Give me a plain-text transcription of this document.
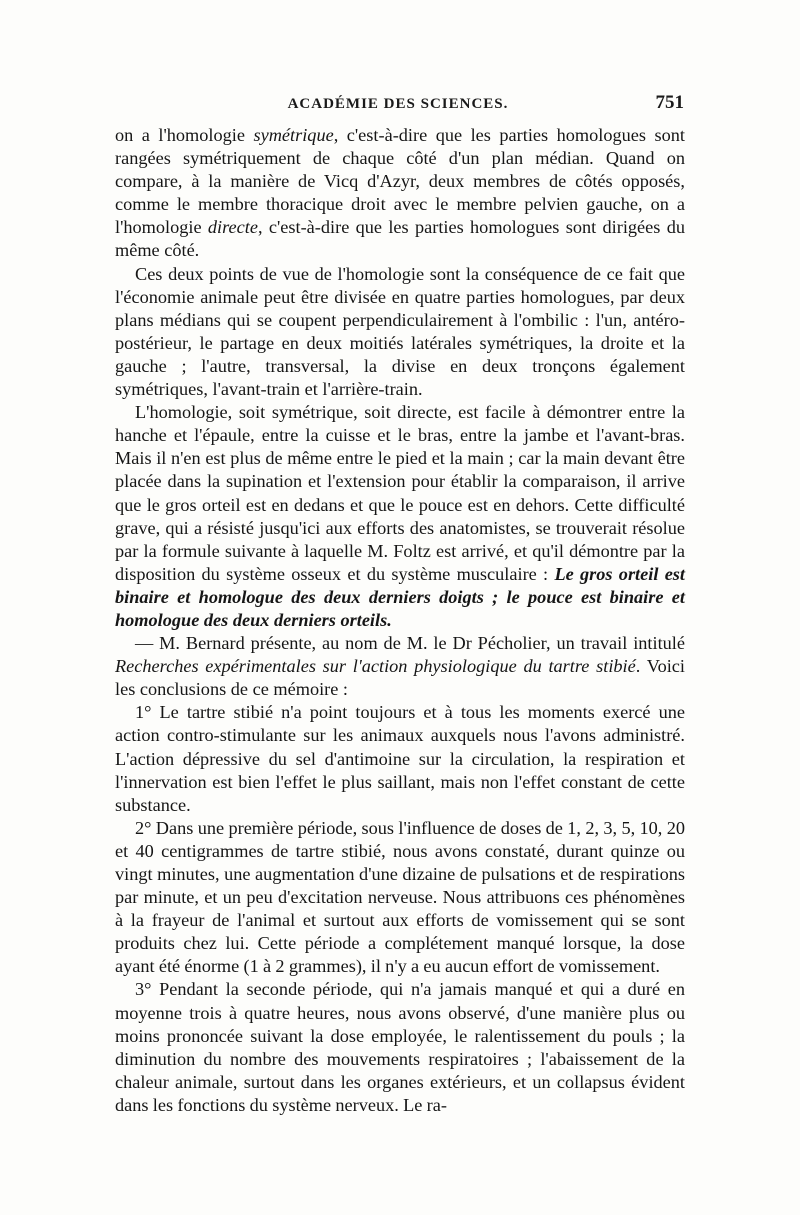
ACADÉMIE DES SCIENCES.	751

on a l'homologie symétrique, c'est-à-dire que les parties homologues sont rangées symétriquement de chaque côté d'un plan médian. Quand on compare, à la manière de Vicq d'Azyr, deux membres de côtés opposés, comme le membre thoracique droit avec le membre pelvien gauche, on a l'homologie directe, c'est-à-dire que les parties homologues sont dirigées du même côté.

Ces deux points de vue de l'homologie sont la conséquence de ce fait que l'économie animale peut être divisée en quatre parties homologues, par deux plans médians qui se coupent perpendiculairement à l'ombilic : l'un, antéro-postérieur, le partage en deux moitiés latérales symétriques, la droite et la gauche ; l'autre, transversal, la divise en deux tronçons également symétriques, l'avant-train et l'arrière-train.

L'homologie, soit symétrique, soit directe, est facile à démontrer entre la hanche et l'épaule, entre la cuisse et le bras, entre la jambe et l'avant-bras. Mais il n'en est plus de même entre le pied et la main ; car la main devant être placée dans la supination et l'extension pour établir la comparaison, il arrive que le gros orteil est en dedans et que le pouce est en dehors. Cette difficulté grave, qui a résisté jusqu'ici aux efforts des anatomistes, se trouverait résolue par la formule suivante à laquelle M. Foltz est arrivé, et qu'il démontre par la disposition du système osseux et du système musculaire : Le gros orteil est binaire et homologue des deux derniers doigts ; le pouce est binaire et homologue des deux derniers orteils.

— M. Bernard présente, au nom de M. le Dr Pécholier, un travail intitulé Recherches expérimentales sur l'action physiologique du tartre stibié. Voici les conclusions de ce mémoire :

1° Le tartre stibié n'a point toujours et à tous les moments exercé une action contro-stimulante sur les animaux auxquels nous l'avons administré. L'action dépressive du sel d'antimoine sur la circulation, la respiration et l'innervation est bien l'effet le plus saillant, mais non l'effet constant de cette substance.

2° Dans une première période, sous l'influence de doses de 1, 2, 3, 5, 10, 20 et 40 centigrammes de tartre stibié, nous avons constaté, durant quinze ou vingt minutes, une augmentation d'une dizaine de pulsations et de respirations par minute, et un peu d'excitation nerveuse. Nous attribuons ces phénomènes à la frayeur de l'animal et surtout aux efforts de vomissement qui se sont produits chez lui. Cette période a complétement manqué lorsque, la dose ayant été énorme (1 à 2 grammes), il n'y a eu aucun effort de vomissement.

3° Pendant la seconde période, qui n'a jamais manqué et qui a duré en moyenne trois à quatre heures, nous avons observé, d'une manière plus ou moins prononcée suivant la dose employée, le ralentissement du pouls ; la diminution du nombre des mouvements respiratoires ; l'abaissement de la chaleur animale, surtout dans les organes extérieurs, et un collapsus évident dans les fonctions du système nerveux. Le ra-
